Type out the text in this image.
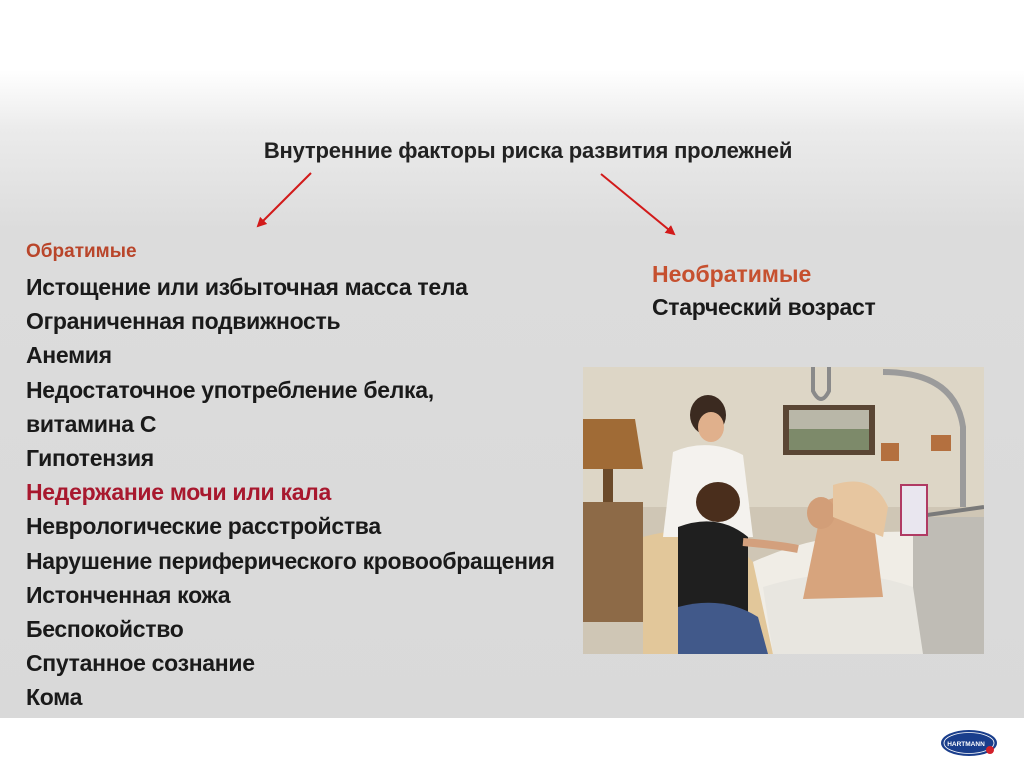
Внутренние факторы риска развития пролежней
Обратимые
Истощение или избыточная масса тела
Ограниченная подвижность
Анемия
Недостаточное употребление белка,
витамина С
Гипотензия
Недержание мочи или кала
Неврологические расстройства
Нарушение периферического кровообращения
Истонченная кожа
Беспокойство
Спутанное сознание
Кома
Необратимые
Старческий возраст
HARTMANN
